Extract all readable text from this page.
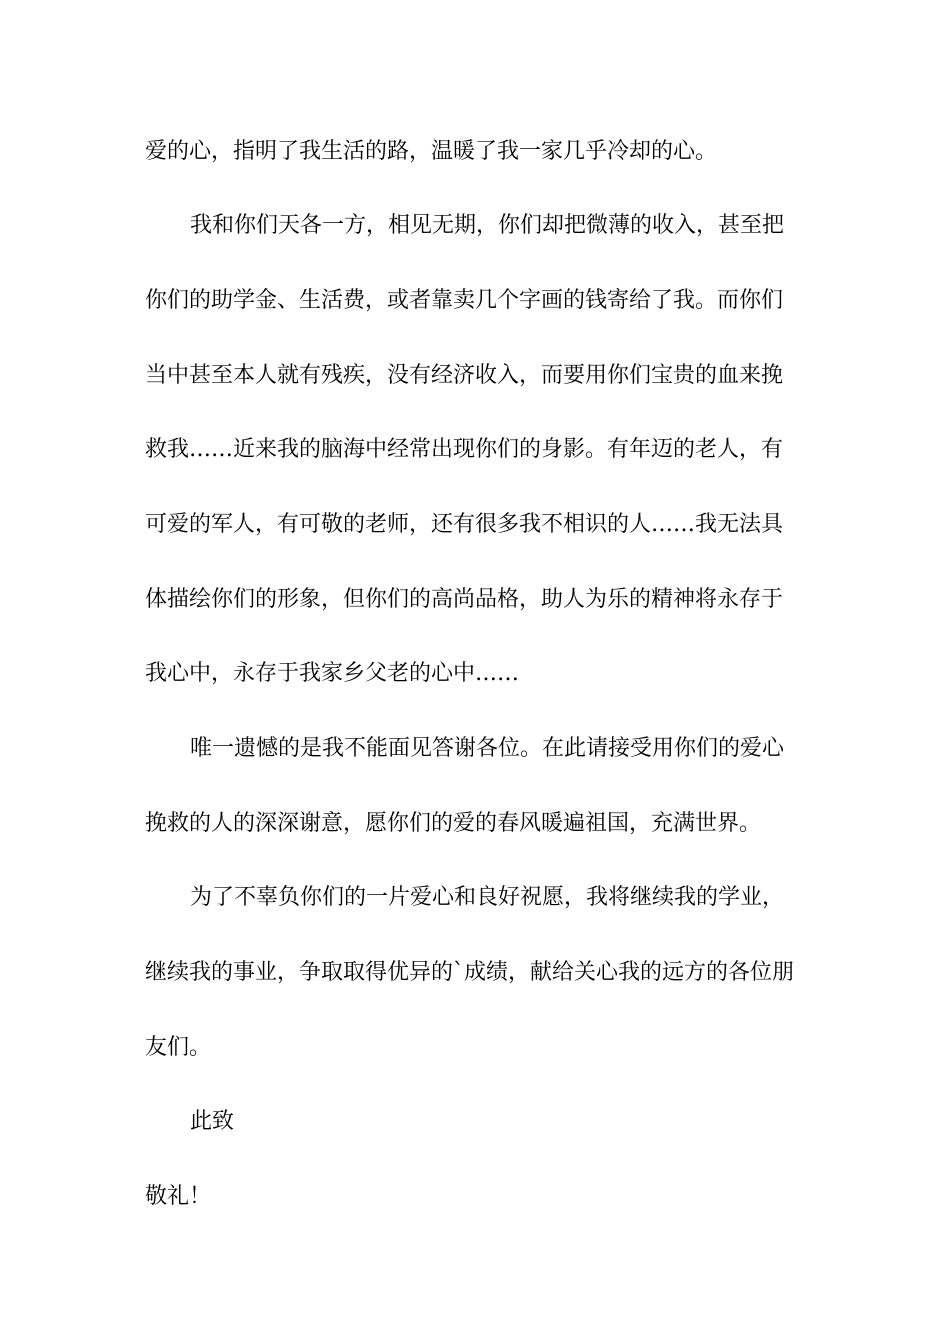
爱的心，指明了我生活的路，温暖了我一家几乎冷却的心。
我和你们天各一方，相见无期，你们却把微薄的收入，甚至把
你们的助学金、生活费，或者靠卖几个字画的钱寄给了我。而你们
当中甚至本人就有残疾，没有经济收入，而要用你们宝贵的血来挽
救我……近来我的脑海中经常出现你们的身影。有年迈的老人，有
可爱的军人，有可敬的老师，还有很多我不相识的人……我无法具
体描绘你们的形象，但你们的高尚品格，助人为乐的精神将永存于
我心中，永存于我家乡父老的心中……
唯一遗憾的是我不能面见答谢各位。在此请接受用你们的爱心
挽救的人的深深谢意，愿你们的爱的春风暖遍祖国，充满世界。
为了不辜负你们的一片爱心和良好祝愿，我将继续我的学业，
继续我的事业，争取取得优异的`成绩，献给关心我的远方的各位朋
友们。
此致
敬礼！
